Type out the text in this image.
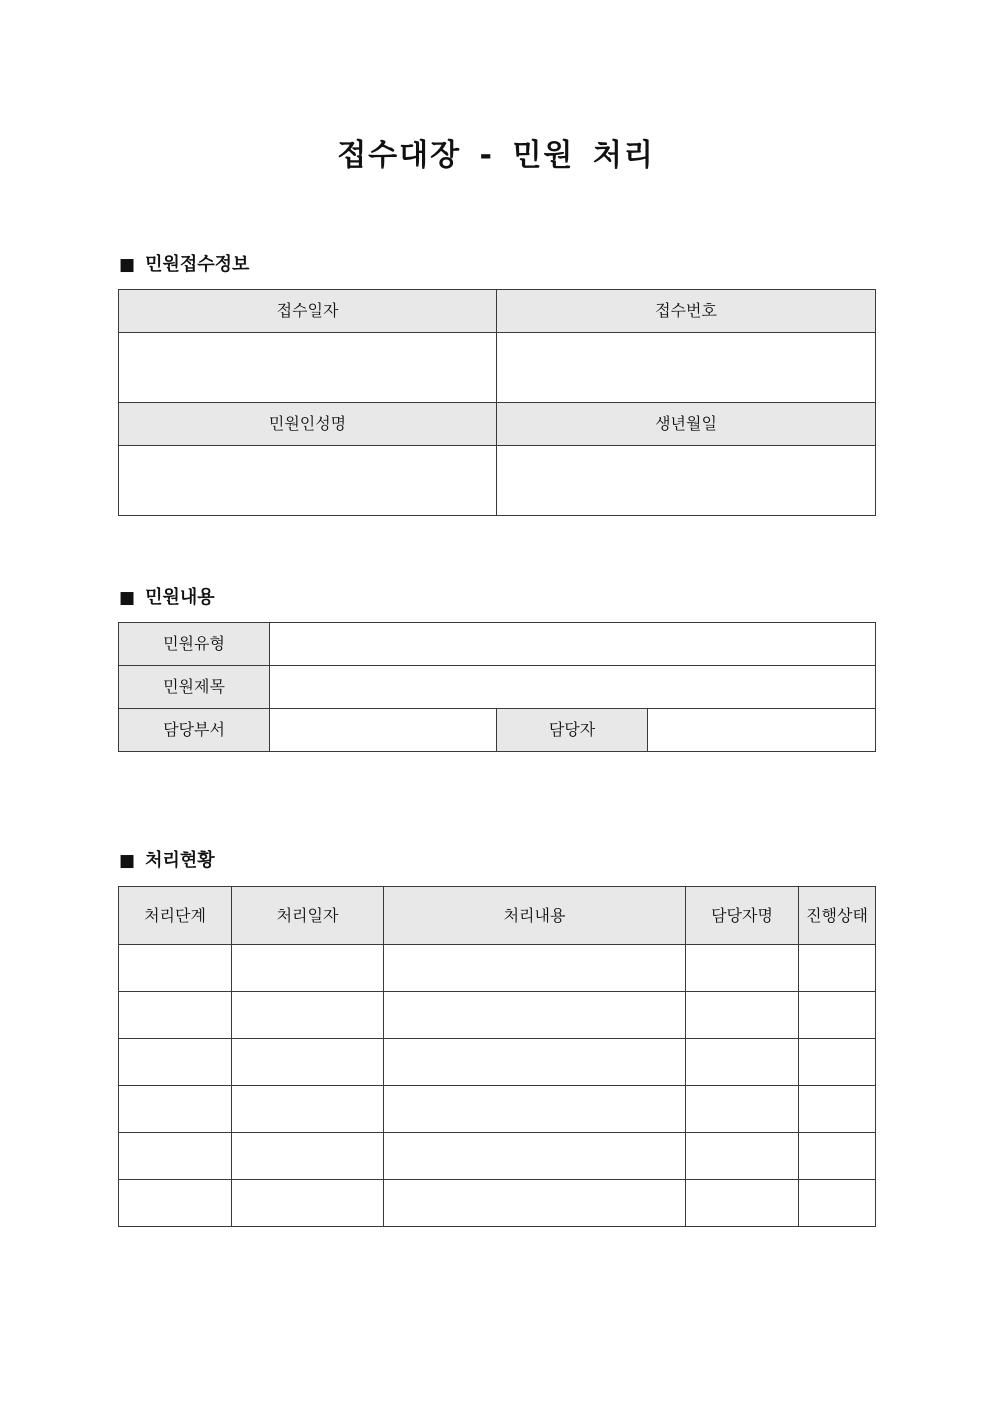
접수대장 - 민원 처리
■ 민원접수정보
접수일자	접수번호

민원인성명	생년월일

■ 민원내용
민원유형			
민원제목			
담당부서		담당자	
■ 처리현황
처리단계	처리일자	처리내용	담당자명	진행상태
